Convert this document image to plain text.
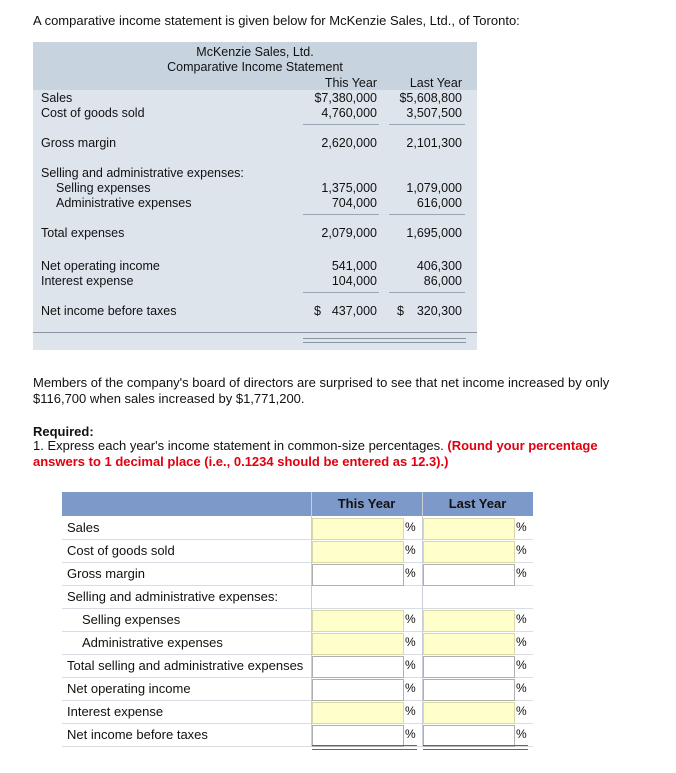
A comparative income statement is given below for McKenzie Sales, Ltd., of Toronto:
McKenzie Sales, Ltd.
Comparative Income Statement
This Year	Last Year
Sales	$7,380,000	$5,608,800
Cost of goods sold	4,760,000	3,507,500
Gross margin	2,620,000	2,101,300
Selling and administrative expenses:
Selling expenses	1,375,000	1,079,000
Administrative expenses	704,000	616,000
Total expenses	2,079,000	1,695,000
Net operating income	541,000	406,300
Interest expense	104,000	86,000
Net income before taxes	$ 437,000 $	320,300
Members of the company's board of directors are surprised to see that net income increased by only $116,700 when sales increased by $1,771,200.
Required:
1. Express each year's income statement in common-size percentages. (Round your percentage answers to 1 decimal place (i.e., 0.1234 should be entered as 12.3).)
This Year	Last Year
Sales	%	%
Cost of goods sold	%	%
Gross margin	%	%
Selling and administrative expenses:
Selling expenses	%	%
Administrative expenses	%	%
Total selling and administrative expenses	%	%
Net operating income	%	%
Interest expense	%	%
Net income before taxes	%	%
